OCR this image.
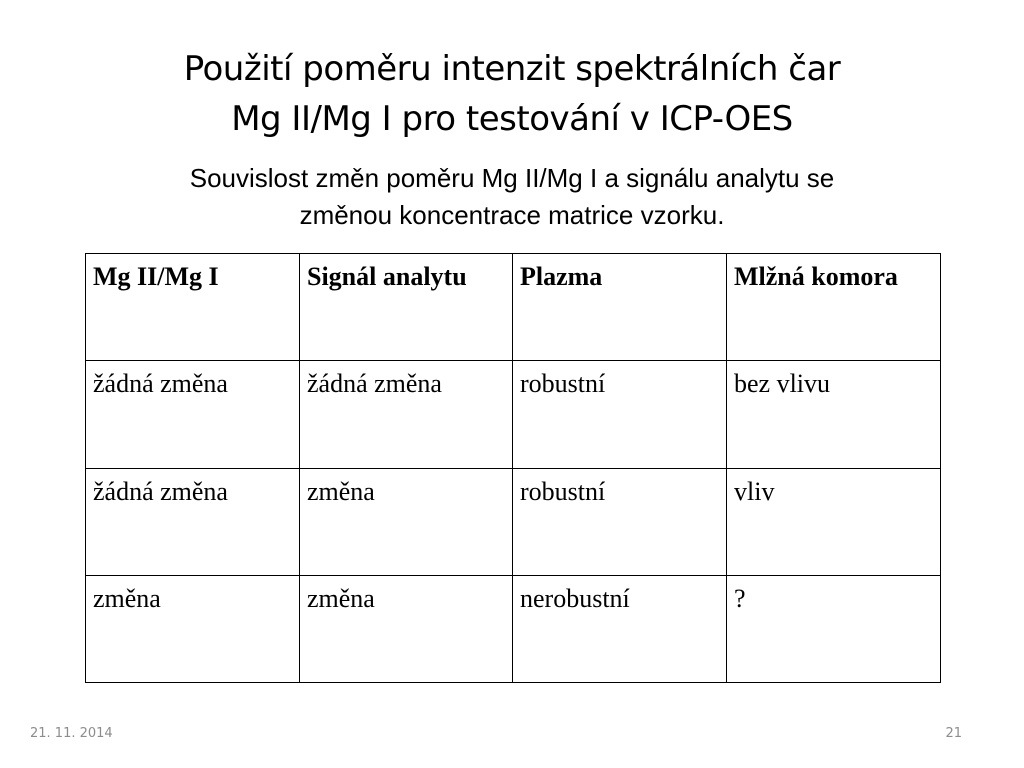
Použití poměru intenzit spektrálních čar
Mg II/Mg I pro testování v ICP-OES
Souvislost změn poměru Mg II/Mg I a signálu analytu se
změnou koncentrace matrice vzorku.
Mg II/Mg I	Signál analytu	Plazma	Mlžná komora
žádná změna	žádná změna	robustní	bez vlivu
žádná změna	změna	robustní	vliv
změna	změna	nerobustní	?
21. 11. 2014	21
